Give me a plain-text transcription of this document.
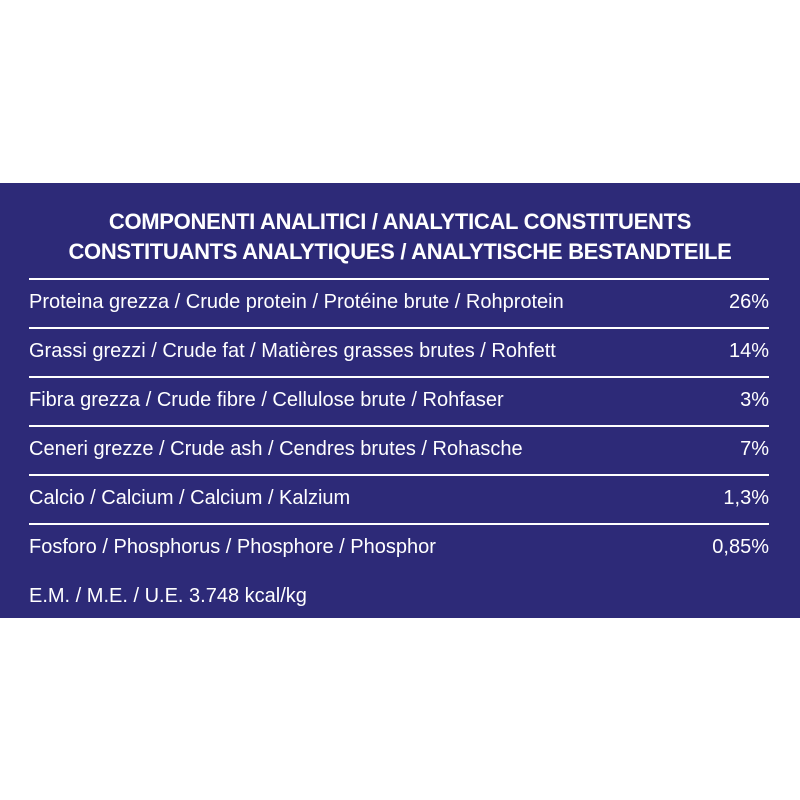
COMPONENTI ANALITICI / ANALYTICAL CONSTITUENTS
CONSTITUANTS ANALYTIQUES / ANALYTISCHE BESTANDTEILE
Proteina grezza / Crude protein / Protéine brute / Rohprotein	26%
Grassi grezzi / Crude fat / Matières grasses brutes / Rohfett	14%
Fibra grezza / Crude fibre / Cellulose brute / Rohfaser	3%
Ceneri grezze / Crude ash / Cendres brutes / Rohasche	7%
Calcio / Calcium / Calcium / Kalzium	1,3%
Fosforo / Phosphorus / Phosphore / Phosphor	0,85%
E.M. / M.E. / U.E. 3.748 kcal/kg
